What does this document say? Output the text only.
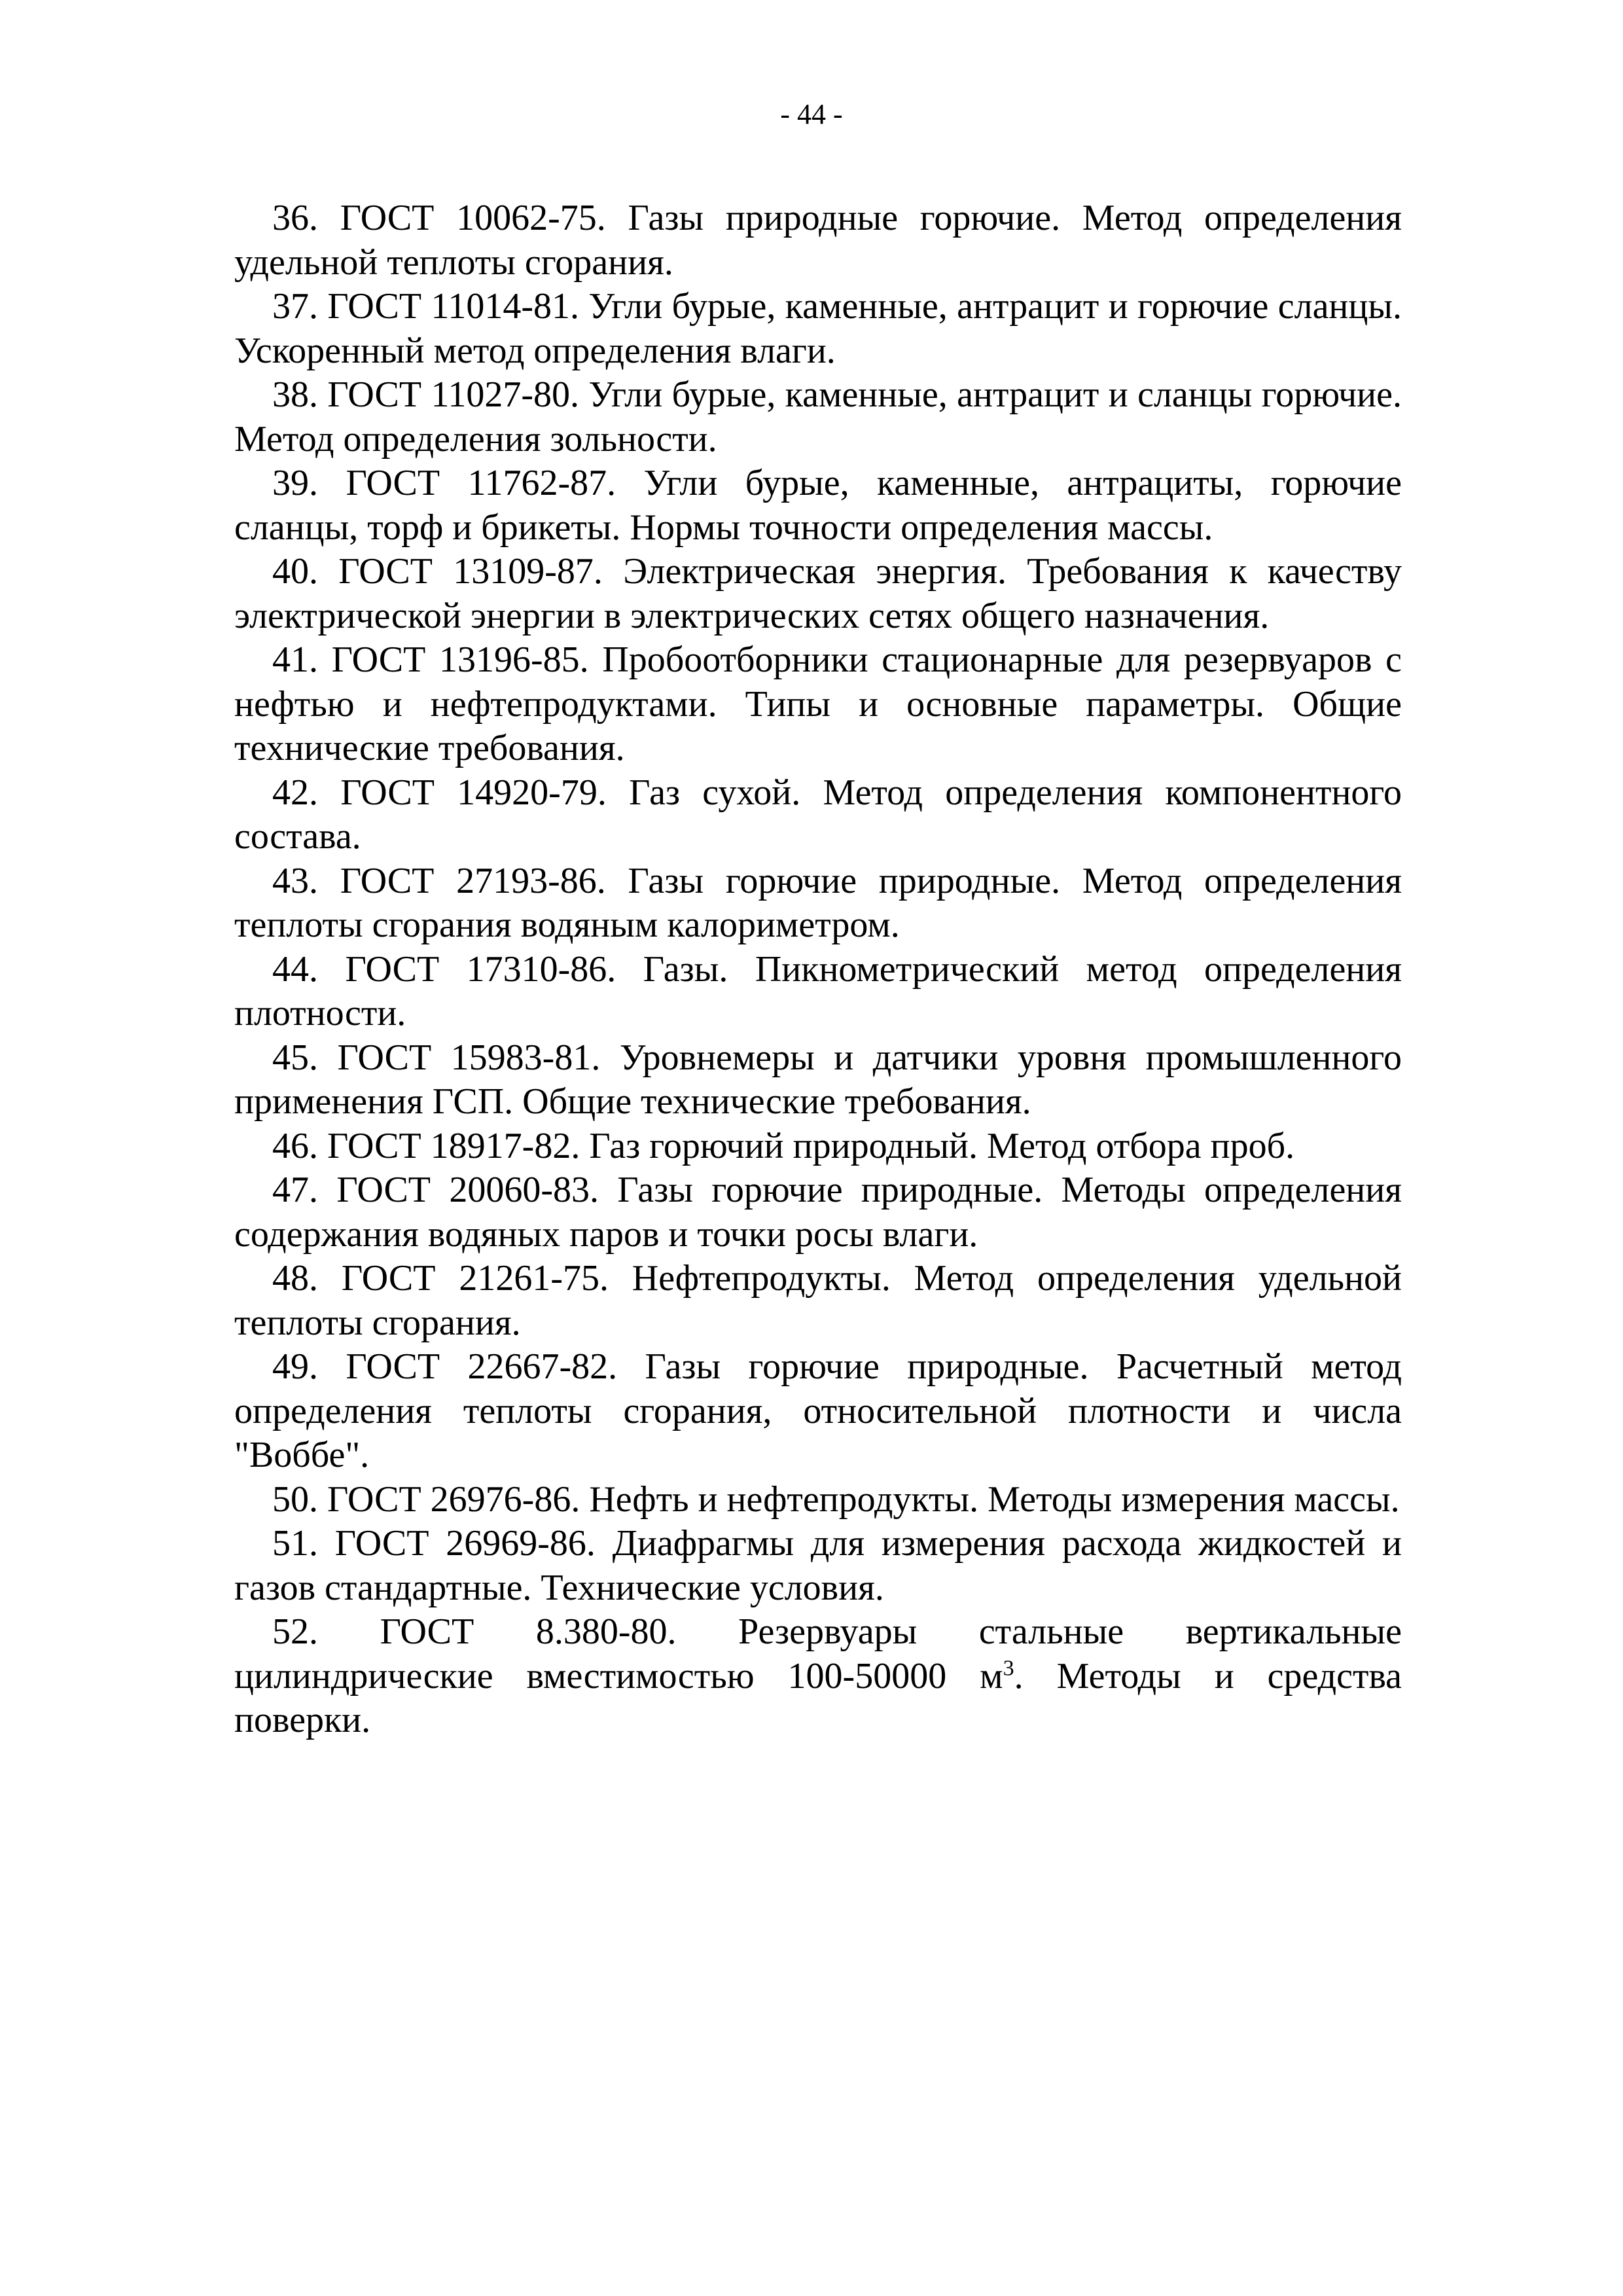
- 44 -
36. ГОСТ 10062-75. Газы природные горючие. Метод определения удельной теплоты сгорания.
37. ГОСТ 11014-81. Угли бурые, каменные, антрацит и горючие сланцы. Ускоренный метод определения влаги.
38. ГОСТ 11027-80. Угли бурые, каменные, антрацит и сланцы горючие. Метод определения зольности.
39. ГОСТ 11762-87. Угли бурые, каменные, антрациты, горючие сланцы, торф и брикеты. Нормы точности определения массы.
40. ГОСТ 13109-87. Электрическая энергия. Требования к качеству электрической энергии в электрических сетях общего назначения.
41. ГОСТ 13196-85. Пробоотборники стационарные для резервуаров с нефтью и нефтепродуктами. Типы и основные параметры. Общие технические требования.
42. ГОСТ 14920-79. Газ сухой. Метод определения компонентного состава.
43. ГОСТ 27193-86. Газы горючие природные. Метод определения теплоты сгорания водяным калориметром.
44. ГОСТ 17310-86. Газы. Пикнометрический метод определения плотности.
45. ГОСТ 15983-81. Уровнемеры и датчики уровня промышленного применения ГСП. Общие технические требования.
46. ГОСТ 18917-82. Газ горючий природный. Метод отбора проб.
47. ГОСТ 20060-83. Газы горючие природные. Методы определения содержания водяных паров и точки росы влаги.
48. ГОСТ 21261-75. Нефтепродукты. Метод определения удельной теплоты сгорания.
49. ГОСТ 22667-82. Газы горючие природные. Расчетный метод определения теплоты сгорания, относительной плотности и числа "Воббе".
50. ГОСТ 26976-86. Нефть и нефтепродукты. Методы измерения массы.
51. ГОСТ 26969-86. Диафрагмы для измерения расхода жидкостей и газов стандартные. Технические условия.
52. ГОСТ 8.380-80. Резервуары стальные вертикальные цилиндрические вместимостью 100-50000 $м^3$. Методы и средства поверки.
